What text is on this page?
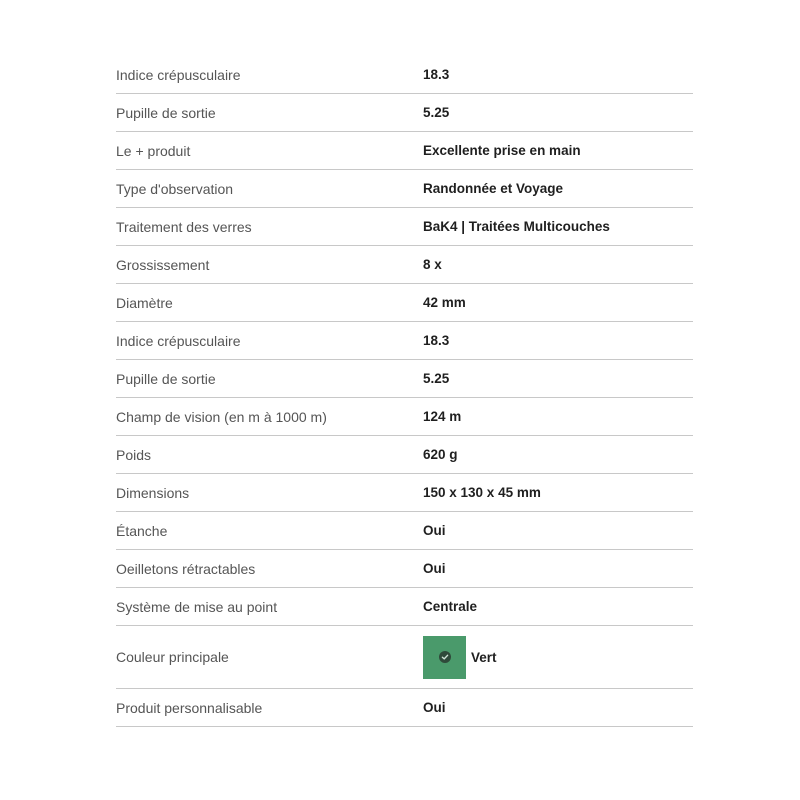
Indice crépusculaire	18.3
Pupille de sortie	5.25
Le + produit	Excellente prise en main
Type d'observation	Randonnée et Voyage
Traitement des verres	BaK4 | Traitées Multicouches
Grossissement	8 x
Diamètre	42 mm
Indice crépusculaire	18.3
Pupille de sortie	5.25
Champ de vision (en m à 1000 m)	124 m
Poids	620 g
Dimensions	150 x 130 x 45 mm
Étanche	Oui
Oeilletons rétractables	Oui
Système de mise au point	Centrale
Couleur principale	Vert
Produit personnalisable	Oui
